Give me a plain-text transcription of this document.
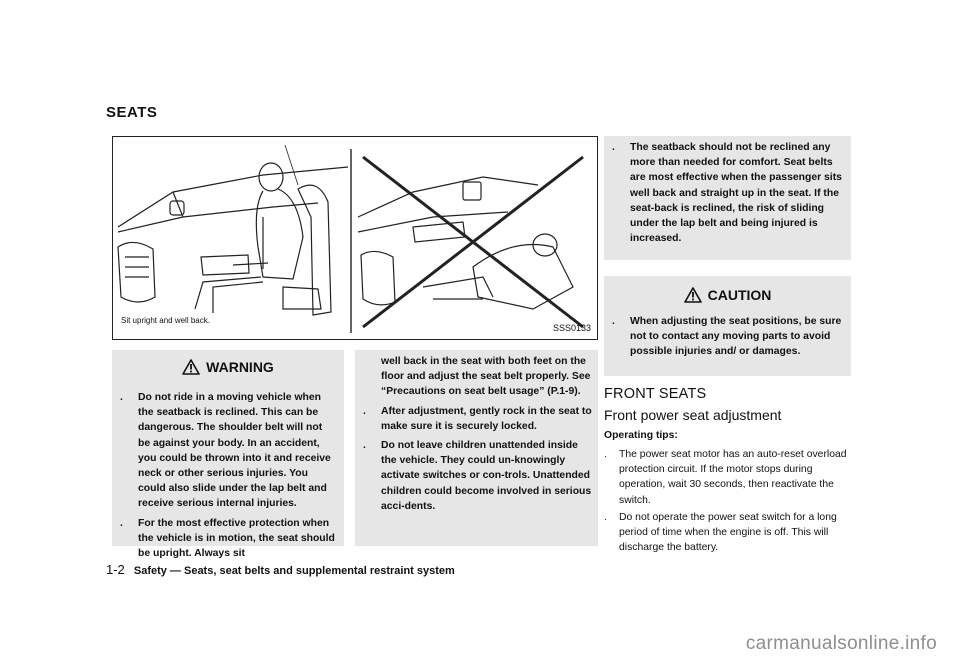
SEATS
Sit upright and well back.
SSS0133
WARNING
. Do not ride in a moving vehicle when the seatback is reclined. This can be dangerous. The shoulder belt will not be against your body. In an accident, you could be thrown into it and receive neck or other serious injuries. You could also slide under the lap belt and receive serious internal injuries.
. For the most effective protection when the vehicle is in motion, the seat should be upright. Always sit
well back in the seat with both feet on the floor and adjust the seat belt properly. See “Precautions on seat belt usage” (P.1-9).
. After adjustment, gently rock in the seat to make sure it is securely locked.
. Do not leave children unattended inside the vehicle. They could un-knowingly activate switches or con-trols. Unattended children could become involved in serious acci-dents.
. The seatback should not be reclined any more than needed for comfort. Seat belts are most effective when the passenger sits well back and straight up in the seat. If the seat-back is reclined, the risk of sliding under the lap belt and being injured is increased.
CAUTION
. When adjusting the seat positions, be sure not to contact any moving parts to avoid possible injuries and/ or damages.
FRONT SEATS
Front power seat adjustment
Operating tips:
. The power seat motor has an auto-reset overload protection circuit. If the motor stops during operation, wait 30 seconds, then reactivate the switch.
. Do not operate the power seat switch for a long period of time when the engine is off. This will discharge the battery.
1-2 Safety — Seats, seat belts and supplemental restraint system
carmanualsonline.info
